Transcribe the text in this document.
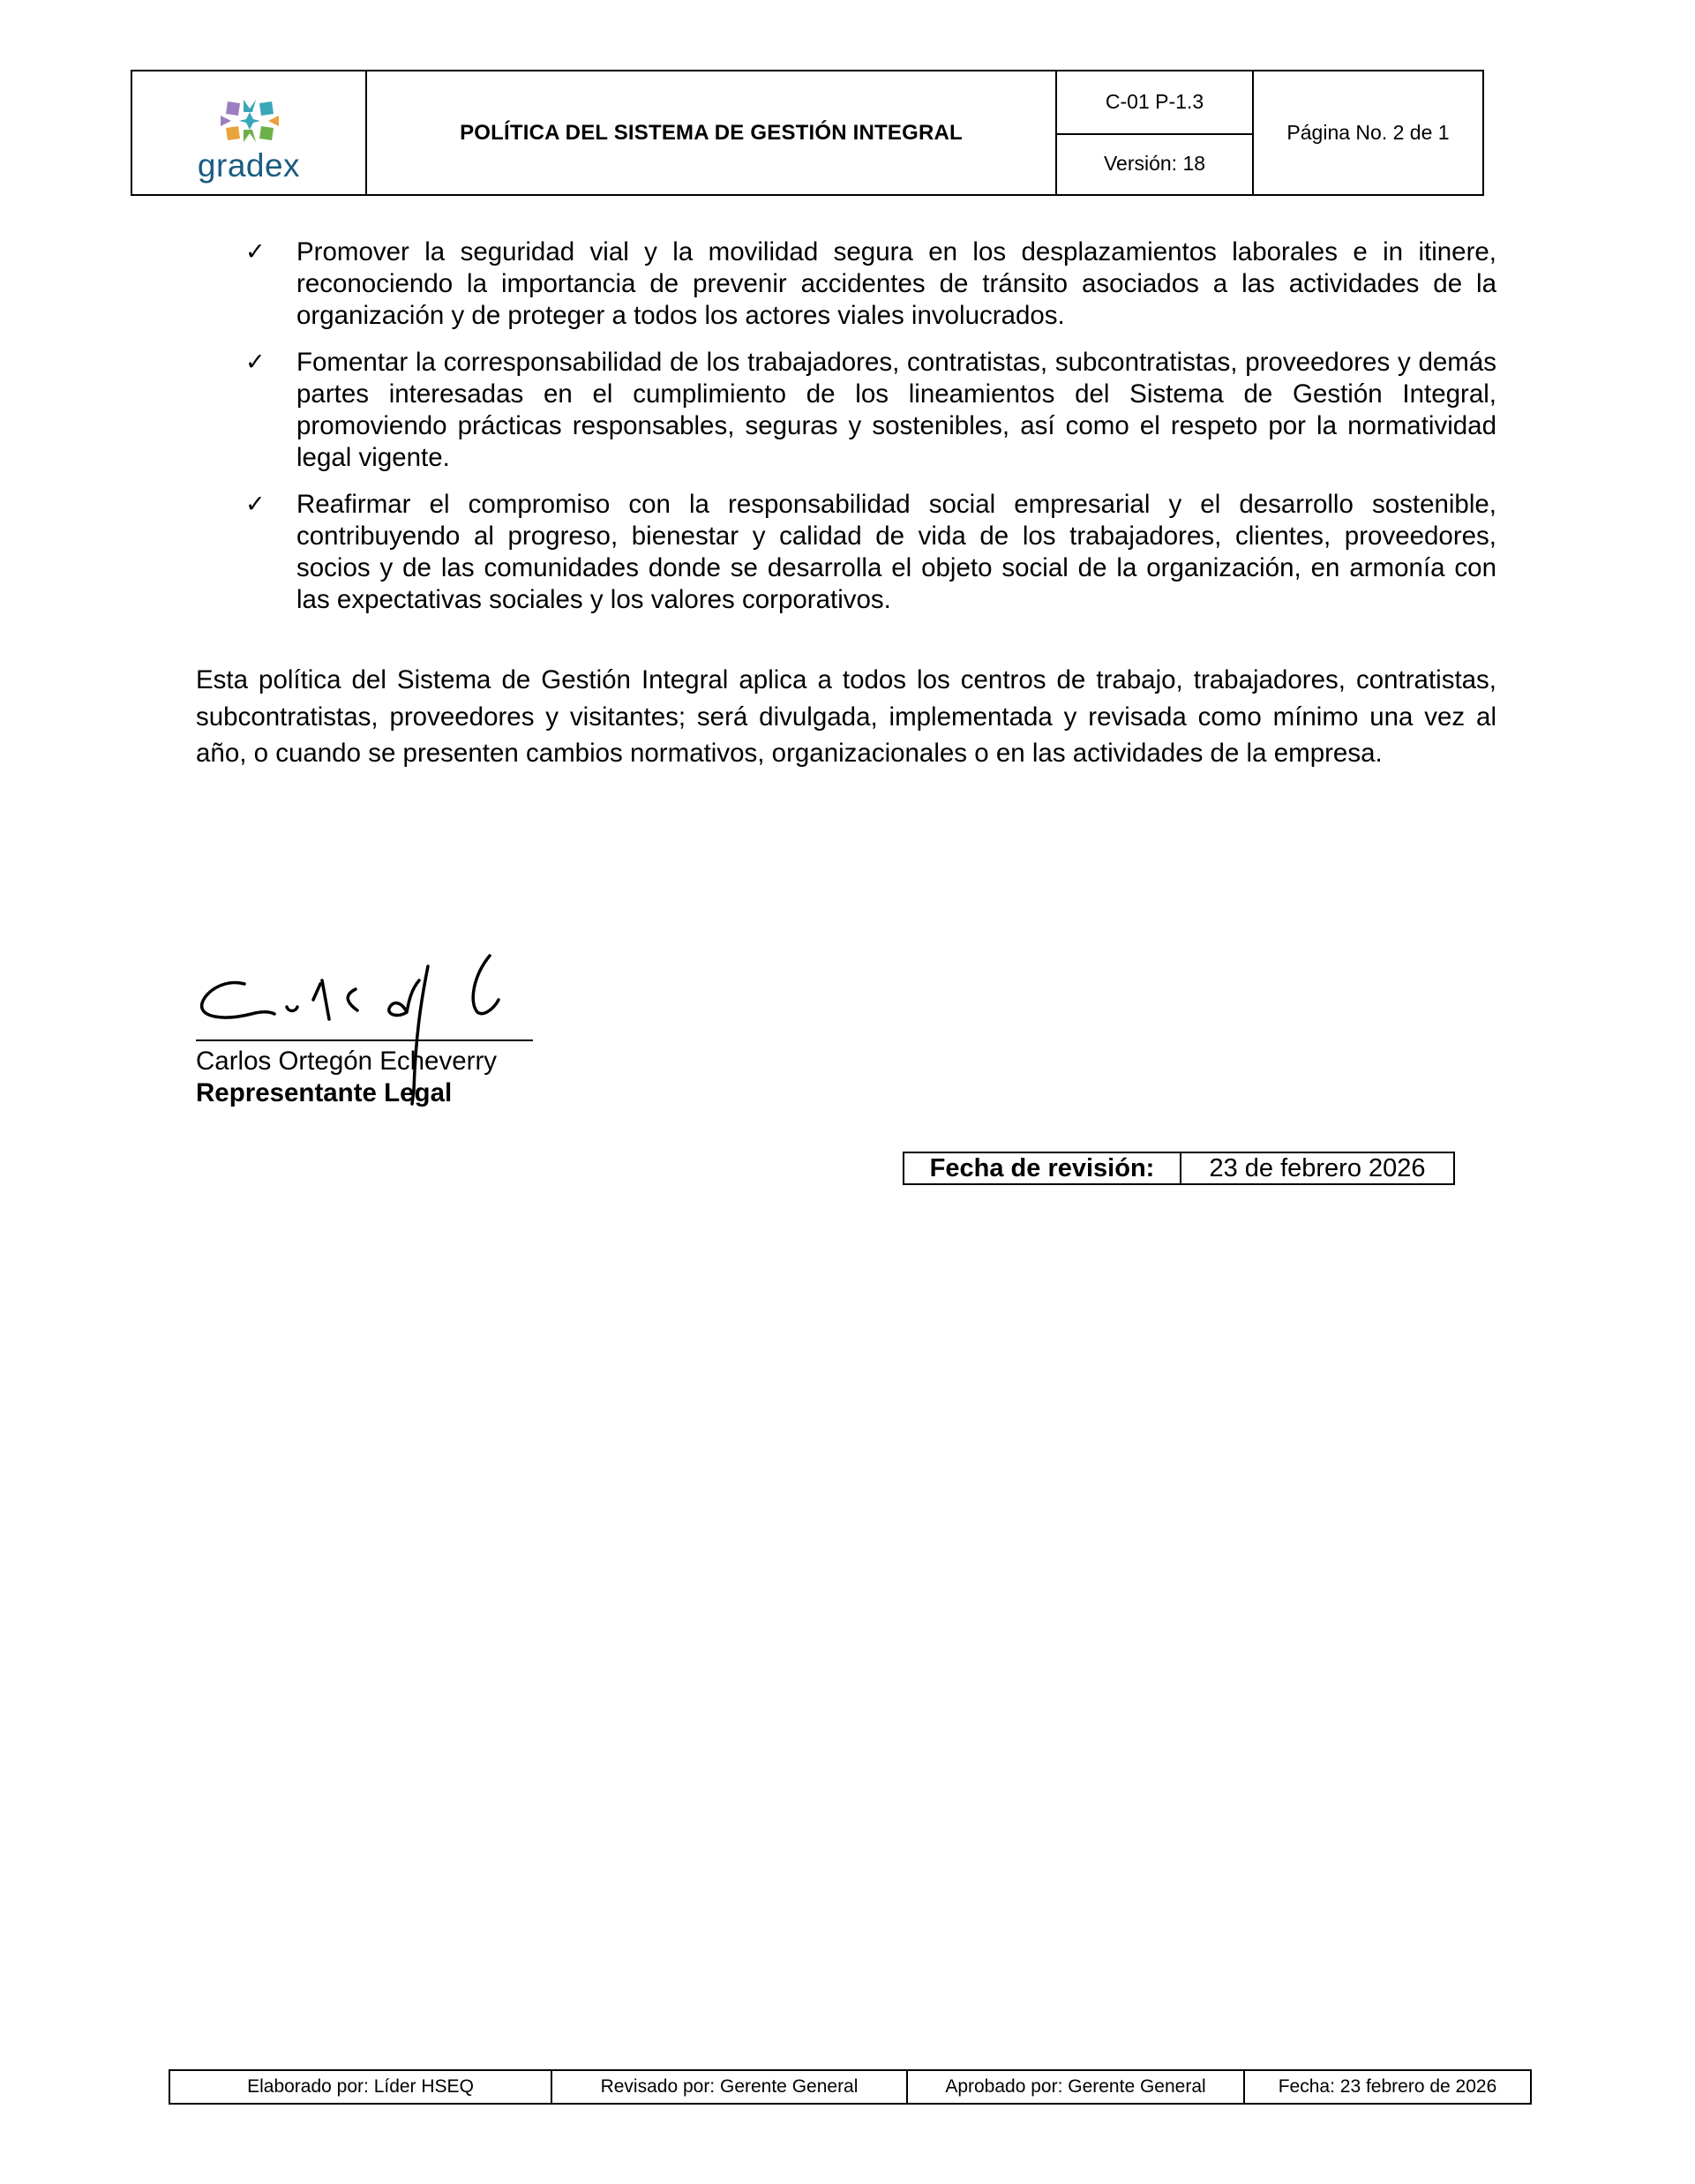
gradex
POLÍTICA DEL SISTEMA DE GESTIÓN INTEGRAL
C-01 P-1.3
Versión: 18
Página No. 2 de 1
✓ Promover la seguridad vial y la movilidad segura en los desplazamientos laborales e in itinere, reconociendo la importancia de prevenir accidentes de tránsito asociados a las actividades de la organización y de proteger a todos los actores viales involucrados.
✓ Fomentar la corresponsabilidad de los trabajadores, contratistas, subcontratistas, proveedores y demás partes interesadas en el cumplimiento de los lineamientos del Sistema de Gestión Integral, promoviendo prácticas responsables, seguras y sostenibles, así como el respeto por la normatividad legal vigente.
✓ Reafirmar el compromiso con la responsabilidad social empresarial y el desarrollo sostenible, contribuyendo al progreso, bienestar y calidad de vida de los trabajadores, clientes, proveedores, socios y de las comunidades donde se desarrolla el objeto social de la organización, en armonía con las expectativas sociales y los valores corporativos.

Esta política del Sistema de Gestión Integral aplica a todos los centros de trabajo, trabajadores, contratistas, subcontratistas, proveedores y visitantes; será divulgada, implementada y revisada como mínimo una vez al año, o cuando se presenten cambios normativos, organizacionales o en las actividades de la empresa.

Carlos Ortegón Echeverry
Representante Legal
Fecha de revisión:	23 de febrero 2026
Elaborado por: Líder HSEQ	Revisado por: Gerente General	Aprobado por: Gerente General	Fecha: 23 febrero de 2026
